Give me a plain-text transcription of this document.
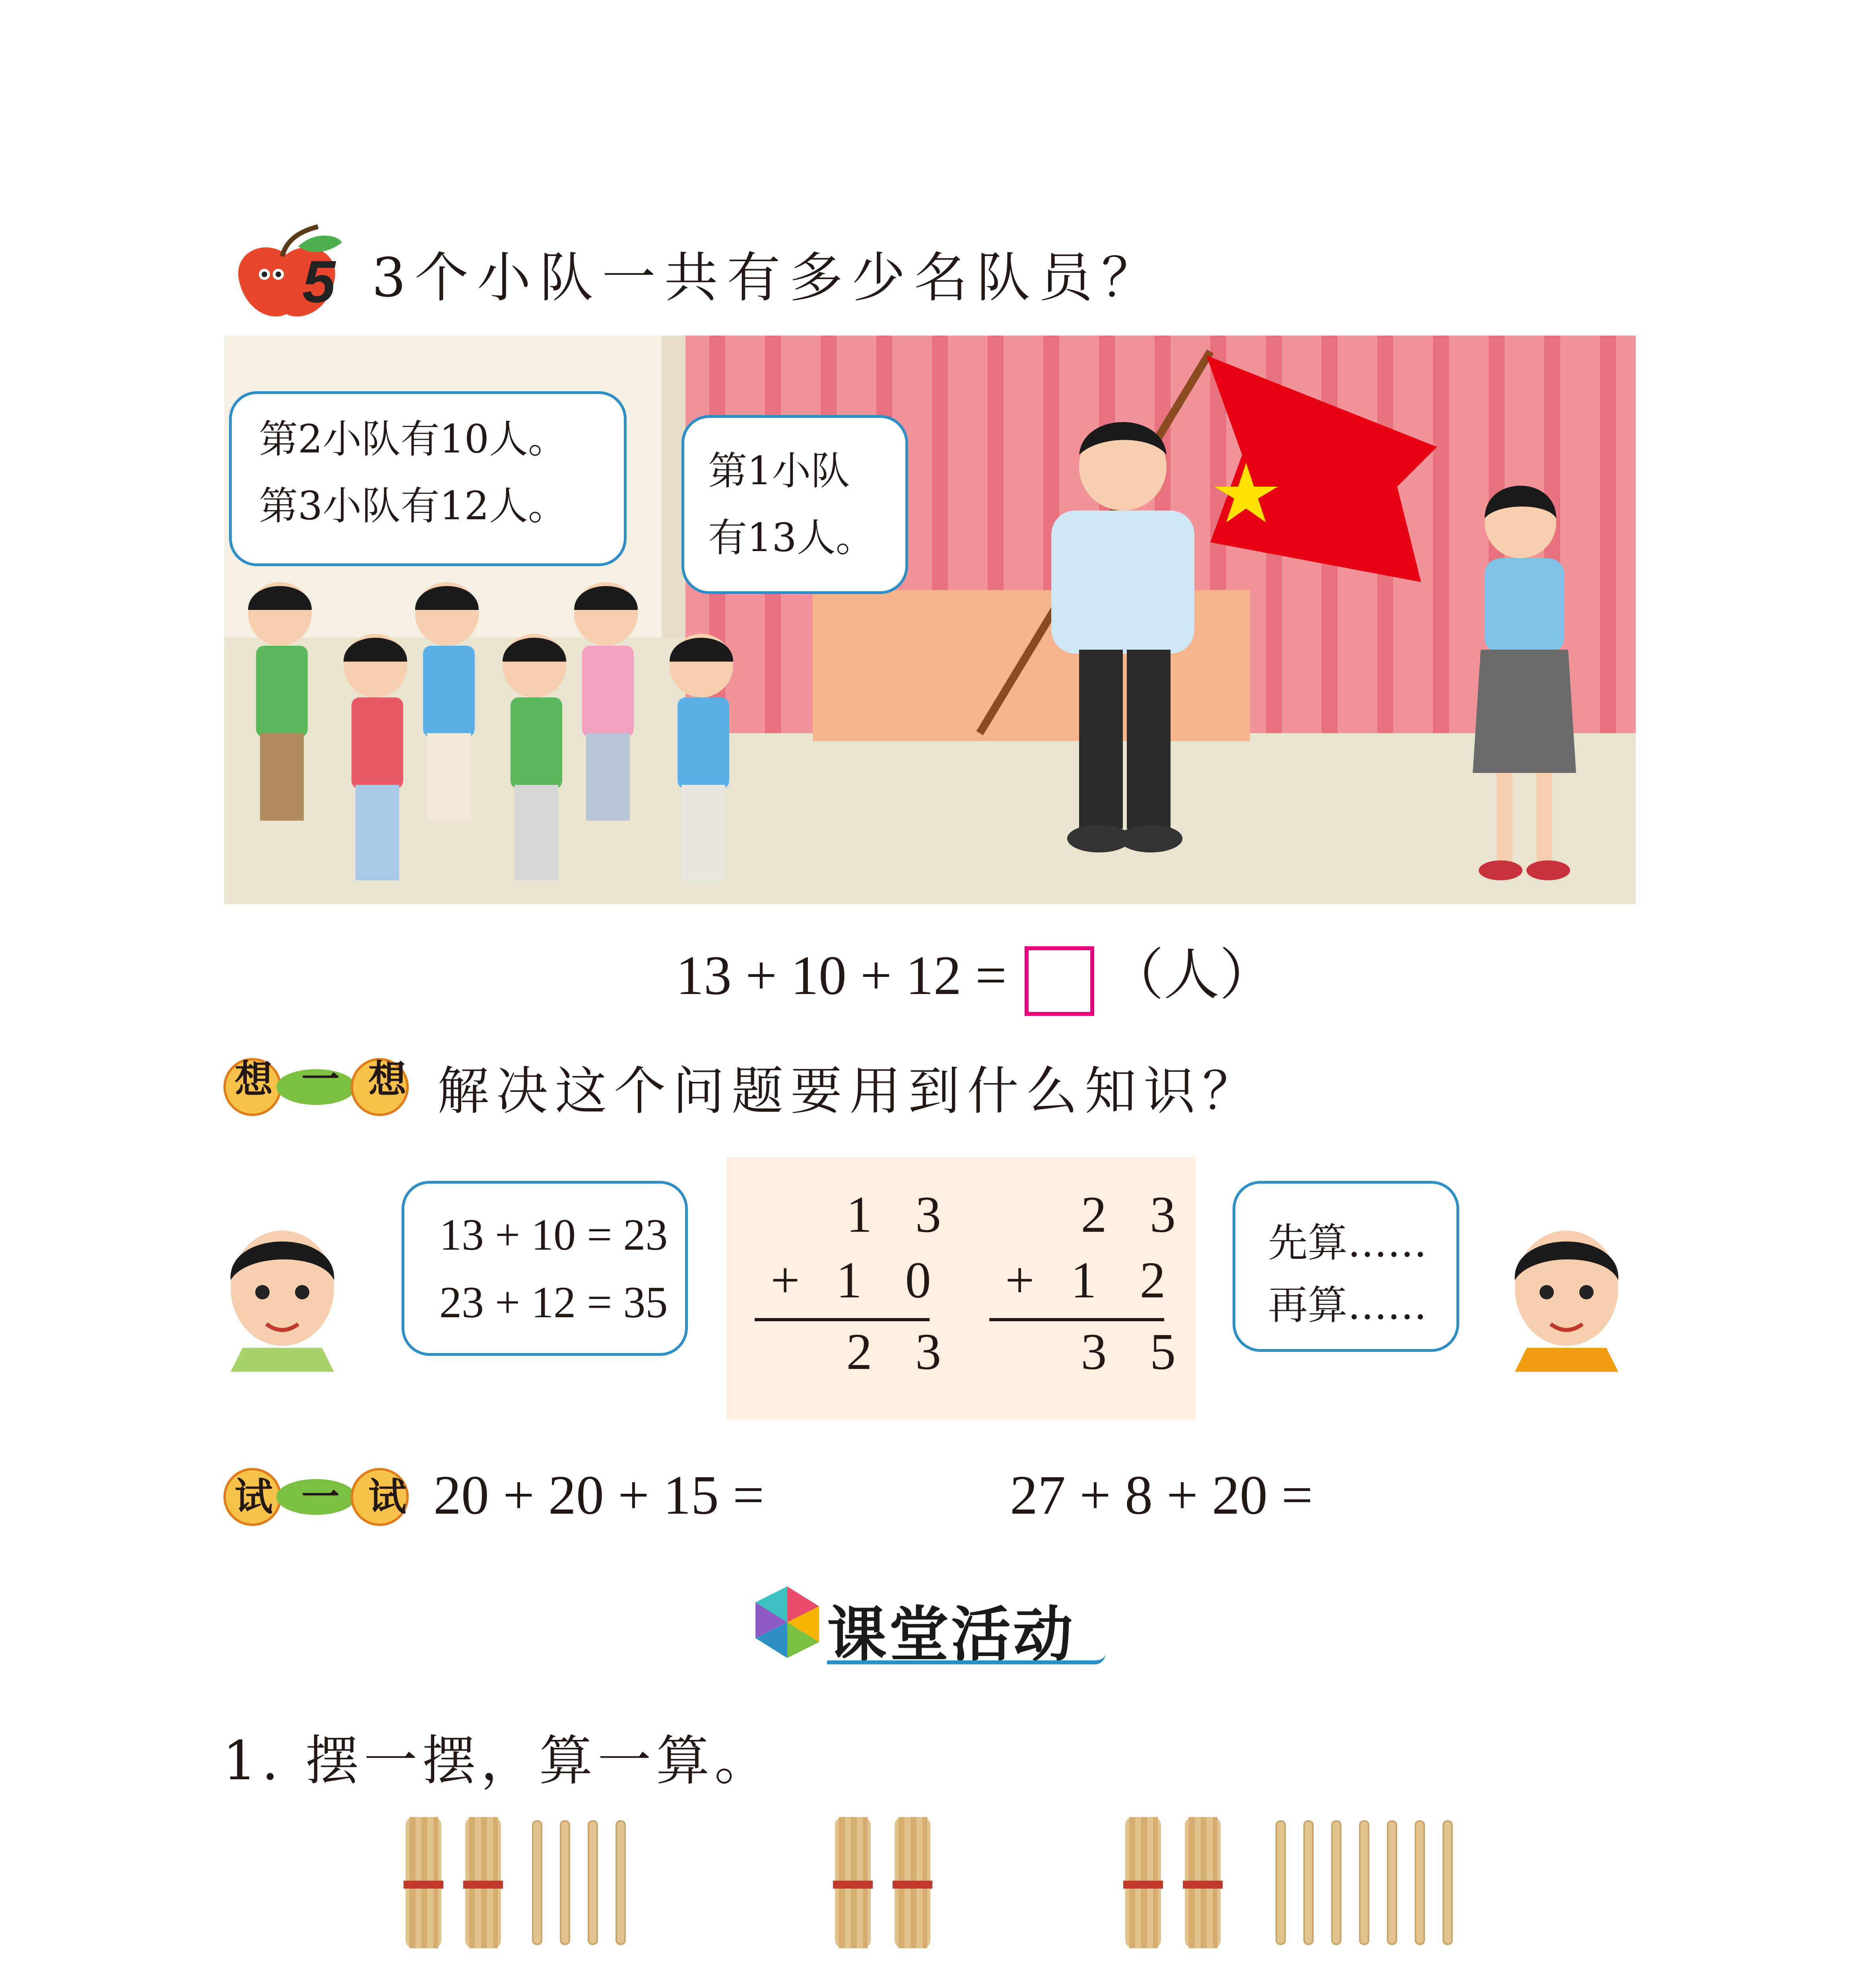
5 3个小队一共有多少名队员？
第2小队有10人。
第3小队有12人。
第1小队
有13人。
13 + 10 + 12 = （人）
想一想 解决这个问题要用到什么知识？
13 + 10 = 23
23 + 12 = 35
1 3
+ 1 0
2 3
2 3
+ 1 2
3 5
先算……
再算……
试一试
20 + 20 + 15 =	27 + 8 + 20 =
课堂活动
1. 摆一摆，算一算。
